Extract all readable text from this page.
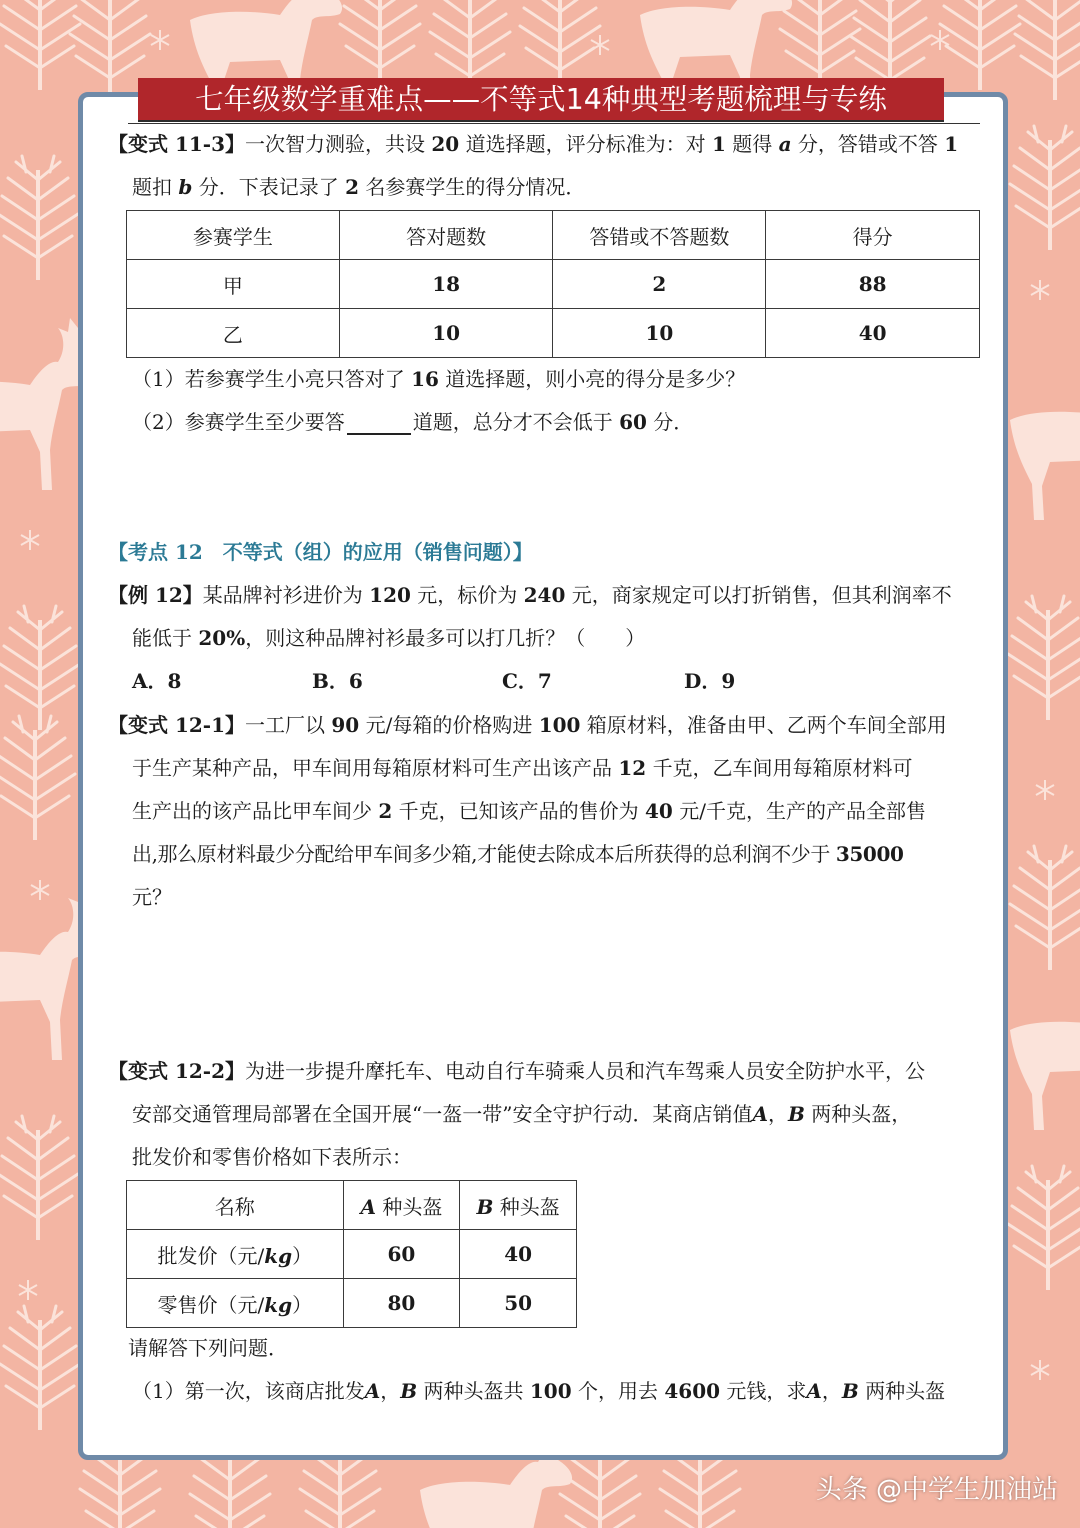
七年级数学重难点——不等式14种典型考题梳理与专练
【变式 11-3】一次智力测验，共设 20 道选择题，评分标准为：对 1 题得 a 分，答错或不答 1
题扣 b 分．下表记录了 2 名参赛学生的得分情况．
参赛学生	答对题数	答错或不答题数	得分
甲	18	2	88
乙	10	10	40
（1）若参赛学生小亮只答对了 16 道选择题，则小亮的得分是多少？
（2）参赛学生至少要答	道题，总分才不会低于 60 分．
【考点 12　不等式（组）的应用（销售问题）】
【例 12】某品牌衬衫进价为 120 元，标价为 240 元，商家规定可以打折销售，但其利润率不
能低于 20%，则这种品牌衬衫最多可以打几折？（　　）
A．8	B．6	C．7	D．9
【变式 12-1】一工厂以 90 元/每箱的价格购进 100 箱原材料，准备由甲、乙两个车间全部用
于生产某种产品，甲车间用每箱原材料可生产出该产品 12 千克，乙车间用每箱原材料可
生产出的该产品比甲车间少 2 千克，已知该产品的售价为 40 元/千克，生产的产品全部售
出,那么原材料最少分配给甲车间多少箱,才能使去除成本后所获得的总利润不少于 35000
元？
【变式 12-2】为进一步提升摩托车、电动自行车骑乘人员和汽车驾乘人员安全防护水平，公
安部交通管理局部署在全国开展“一盔一带”安全守护行动．某商店销值A，B 两种头盔，
批发价和零售价格如下表所示：
名称	A 种头盔	B 种头盔
批发价（元/kg）	60	40
零售价（元/kg）	80	50
请解答下列问题．
（1）第一次，该商店批发A，B 两种头盔共 100 个，用去 4600 元钱，求A，B 两种头盔
头条 @中学生加油站
